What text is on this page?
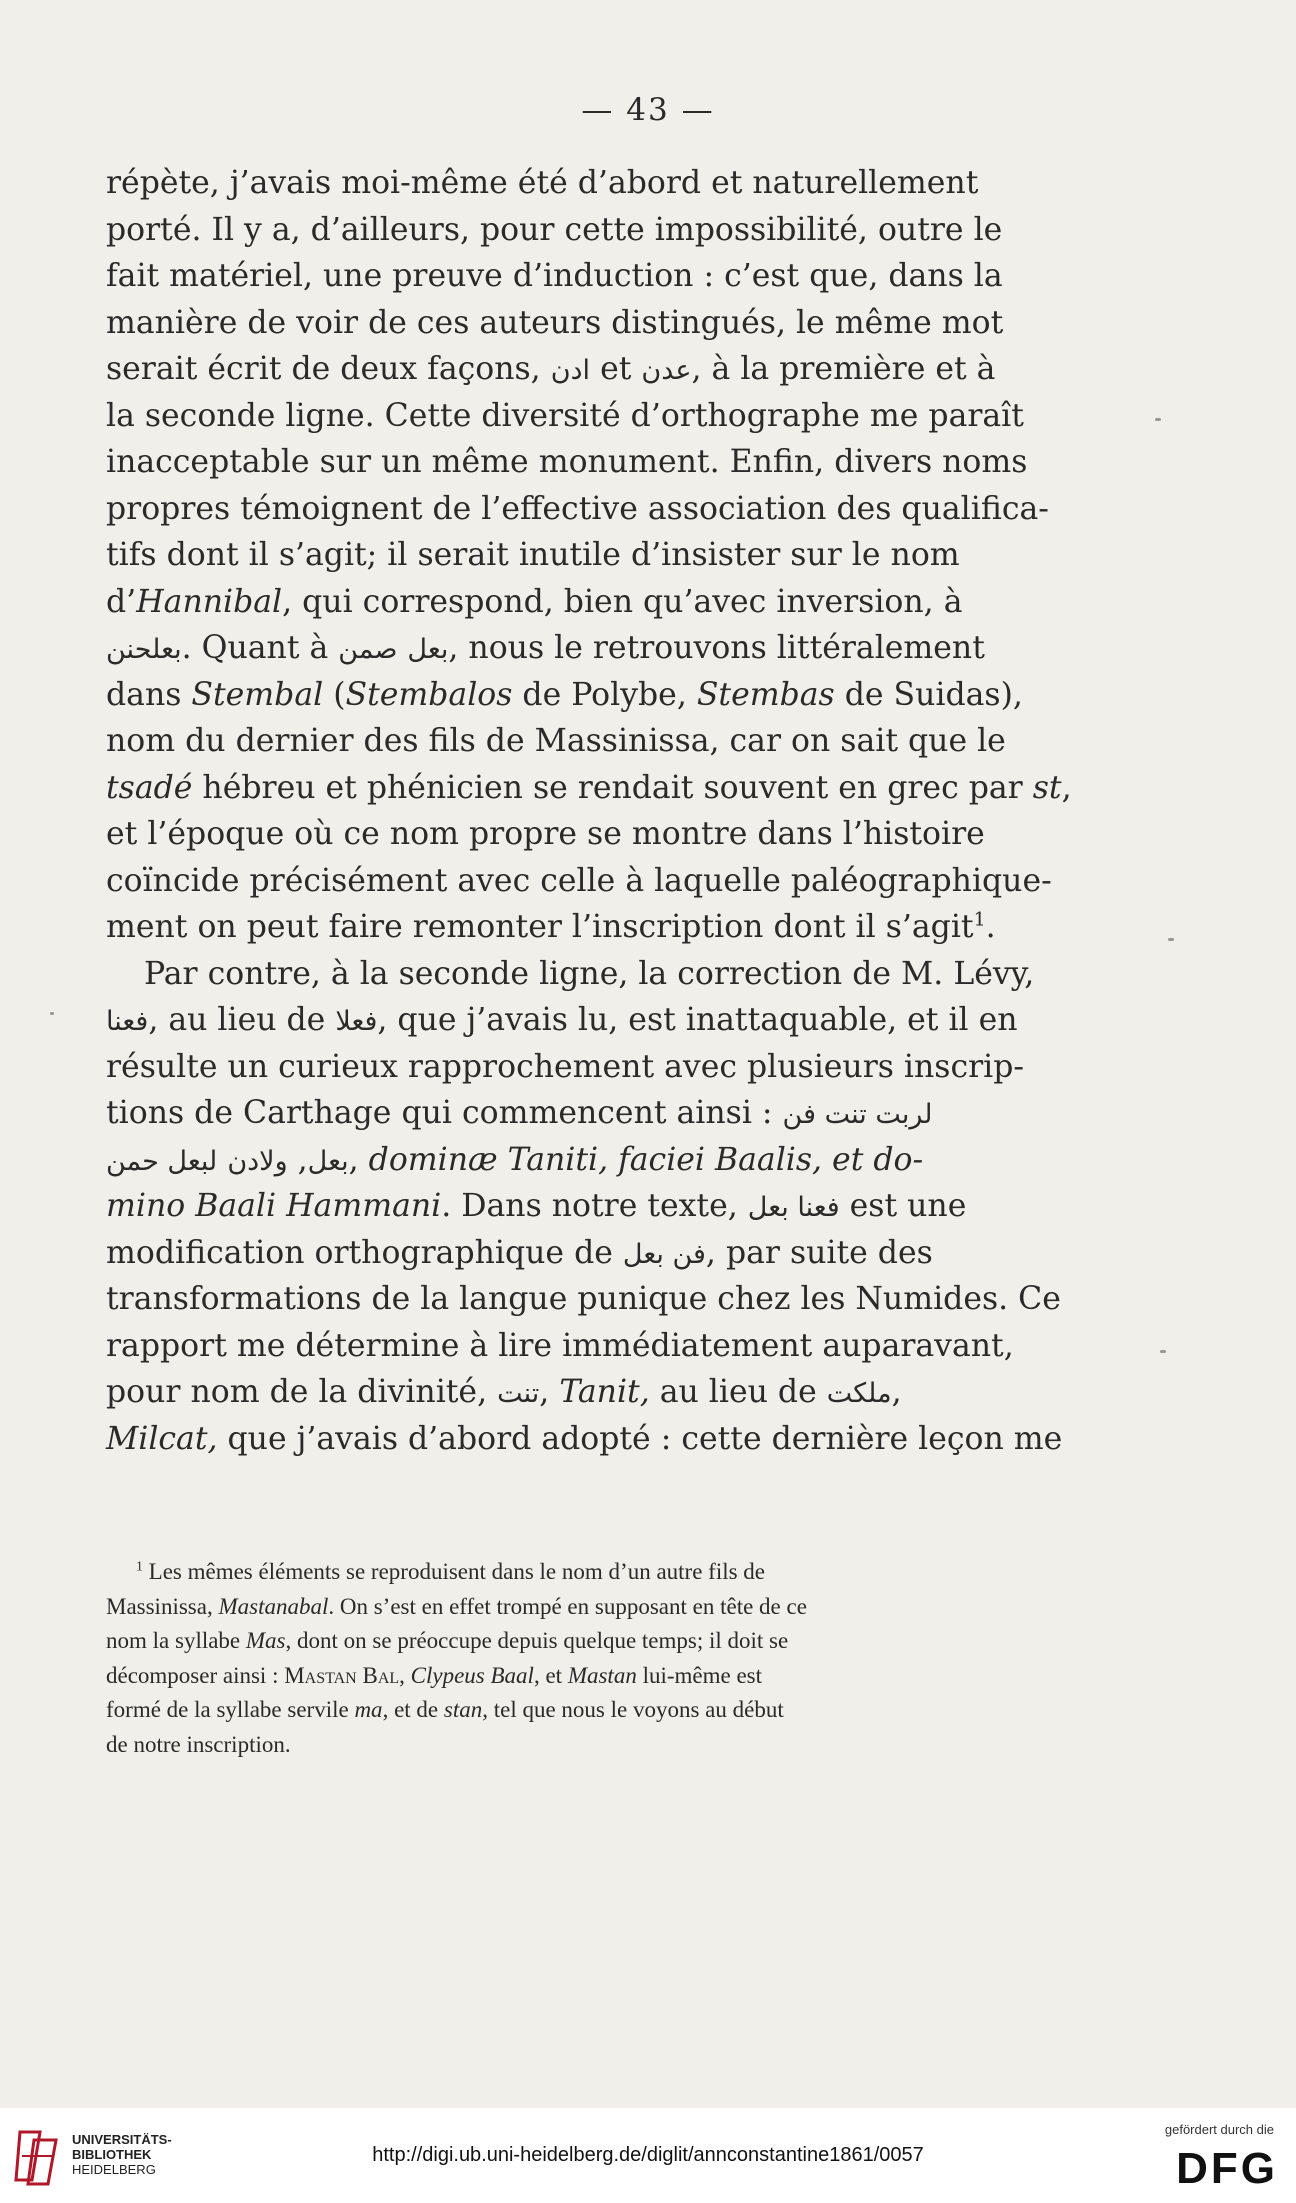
— 43 —
répète, j’avais moi-même été d’abord et naturellement
porté. Il y a, d’ailleurs, pour cette impossibilité, outre le
fait matériel, une preuve d’induction : c’est que, dans la
manière de voir de ces auteurs distingués, le même mot
serait écrit de deux façons, ادن et عدن, à la première et à
la seconde ligne. Cette diversité d’orthographe me paraît
inacceptable sur un même monument. Enfin, divers noms
propres témoignent de l’effective association des qualifica-
tifs dont il s’agit; il serait inutile d’insister sur le nom
d’Hannibal, qui correspond, bien qu’avec inversion, à
بعلحنن. Quant à	بعل صمن , nous le retrouvons littéralement
dans Stembal (Stembalos de Polybe, Stembas de Suidas),
nom du dernier des fils de Massinissa, car on sait que le
tsadé hébreu et phénicien se rendait souvent en grec par st,
et l’époque où ce nom propre se montre dans l’histoire
coïncide précisément avec celle à laquelle paléographique-
ment on peut faire remonter l’inscription dont il s’agit$^1$.
Par contre, à la seconde ligne, la correction de M. Lévy,
فعنا, au lieu de فعلا, que j’avais lu, est inattaquable, et il en
résulte un curieux rapprochement avec plusieurs inscrip-
tions de Carthage qui commencent ainsi : لربت تنت فن
بعل, ولادن لبعل حمن	, dominæ Taniti, faciei Baalis, et do-
mino Baali Hammani. Dans notre texte, فعنا بعل est une
modification orthographique de فن بعل, par suite des
transformations de la langue punique chez les Numides. Ce
rapport me détermine à lire immédiatement auparavant,
pour nom de la divinité, تنت, Tanit, au lieu de ملكت,
Milcat, que j’avais d’abord adopté : cette dernière leçon me
$^1$ Les mêmes éléments se reproduisent dans le nom d’un autre fils de
Massinissa, Mastanabal. On s’est en effet trompé en supposant en tête de ce
nom la syllabe Mas, dont on se préoccupe depuis quelque temps; il doit se
décomposer ainsi : Mastan Bal, Clypeus Baal, et Mastan lui-même est
formé de la syllabe servile ma, et de stan, tel que nous le voyons au début
de notre inscription.
UNIVERSITÄTS-
BIBLIOTHEK
HEIDELBERG
http://digi.ub.uni-heidelberg.de/diglit/annconstantine1861/0057
gefördert durch die
DFG
